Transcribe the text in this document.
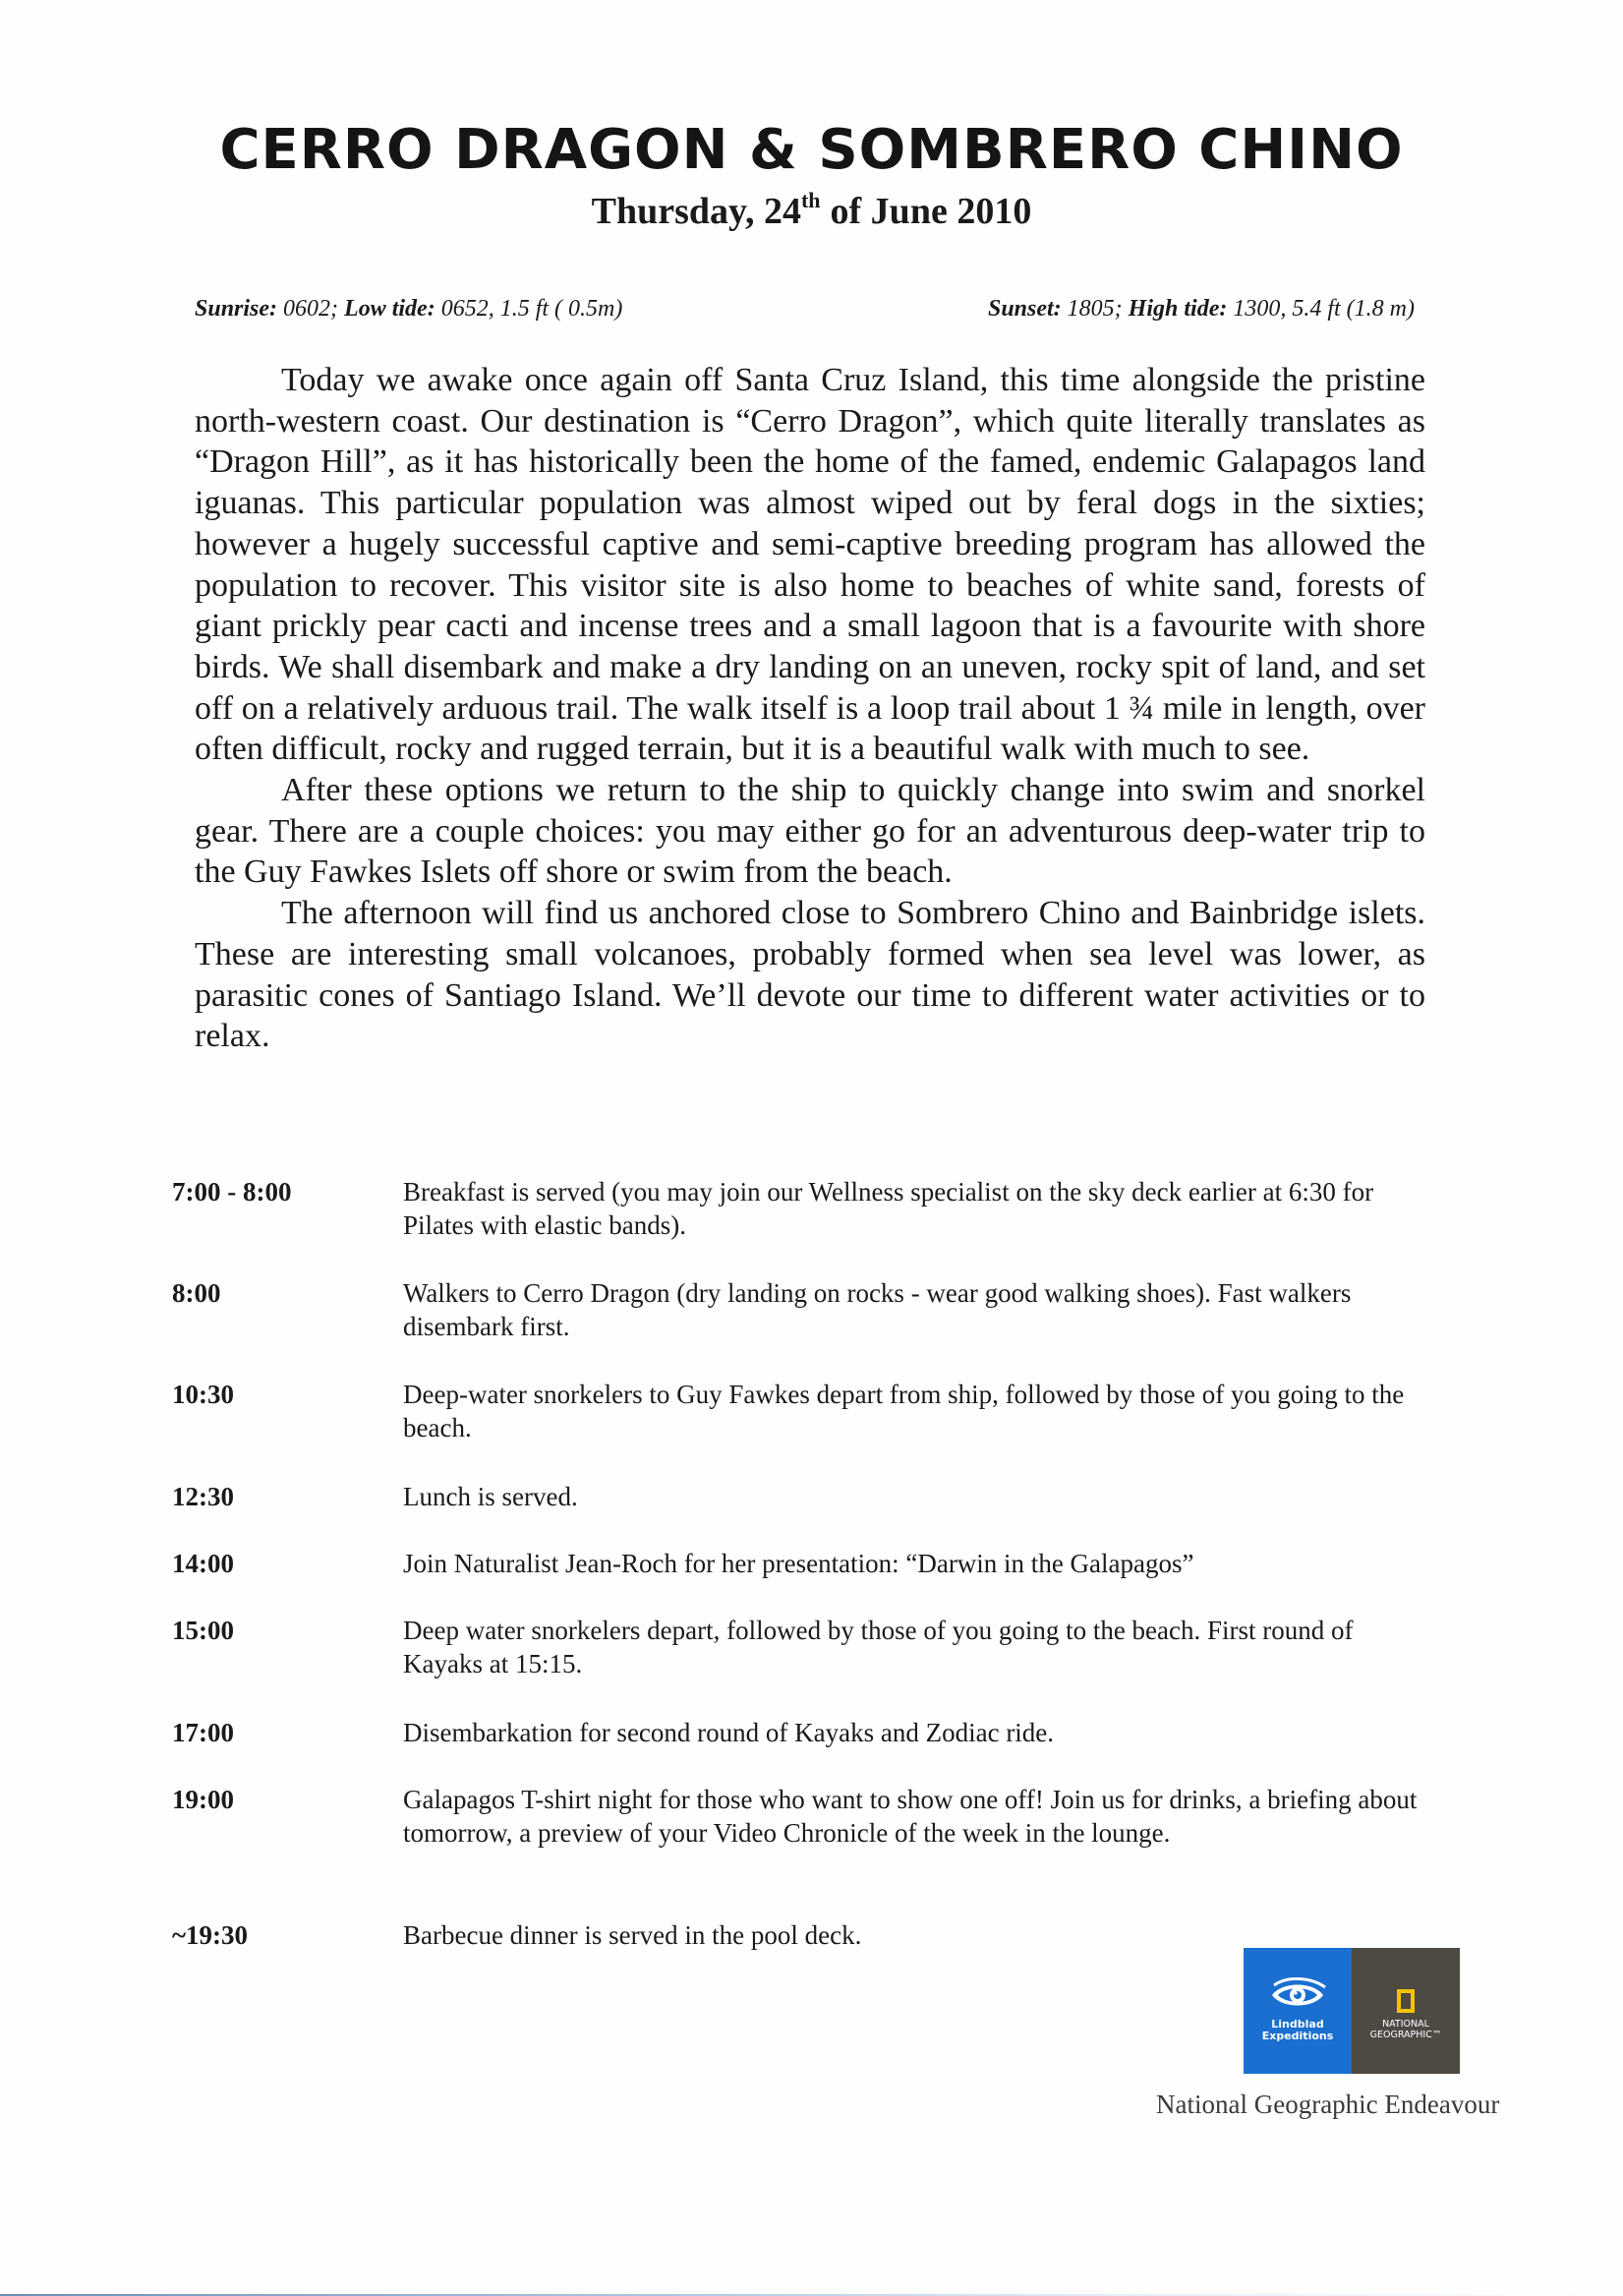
CERRO DRAGON & SOMBRERO CHINO
Thursday, 24th of June 2010
Sunrise: 0602; Low tide: 0652, 1.5 ft ( 0.5m)	Sunset: 1805; High tide: 1300, 5.4 ft (1.8 m)

Today we awake once again off Santa Cruz Island, this time alongside the pristine north-western coast. Our destination is “Cerro Dragon”, which quite literally translates as “Dragon Hill”, as it has historically been the home of the famed, endemic Galapagos land iguanas. This particular population was almost wiped out by feral dogs in the sixties; however a hugely successful captive and semi-captive breeding program has allowed the population to recover. This visitor site is also home to beaches of white sand, forests of giant prickly pear cacti and incense trees and a small lagoon that is a favourite with shore birds. We shall disembark and make a dry landing on an uneven, rocky spit of land, and set off on a relatively arduous trail. The walk itself is a loop trail about 1 ¾ mile in length, over often difficult, rocky and rugged terrain, but it is a beautiful walk with much to see.

After these options we return to the ship to quickly change into swim and snorkel gear. There are a couple choices: you may either go for an adventurous deep-water trip to the Guy Fawkes Islets off shore or swim from the beach.

The afternoon will find us anchored close to Sombrero Chino and Bainbridge islets. These are interesting small volcanoes, probably formed when sea level was lower, as parasitic cones of Santiago Island. We’ll devote our time to different water activities or to relax.

7:00 - 8:00	Breakfast is served (you may join our Wellness specialist on the sky deck earlier at 6:30 for Pilates with elastic bands).
8:00	Walkers to Cerro Dragon (dry landing on rocks - wear good walking shoes). Fast walkers disembark first.
10:30	Deep-water snorkelers to Guy Fawkes depart from ship, followed by those of you going to the beach.
12:30	Lunch is served.
14:00	Join Naturalist Jean-Roch for her presentation: “Darwin in the Galapagos”
15:00	Deep water snorkelers depart, followed by those of you going to the beach. First round of Kayaks at 15:15.
17:00	Disembarkation for second round of Kayaks and Zodiac ride.
19:00	Galapagos T-shirt night for those who want to show one off! Join us for drinks, a briefing about tomorrow, a preview of your Video Chronicle of the week in the lounge.
~19:30	Barbecue dinner is served in the pool deck.
Lindblad
Expeditions
NATIONAL
GEOGRAPHIC™
National Geographic Endeavour
